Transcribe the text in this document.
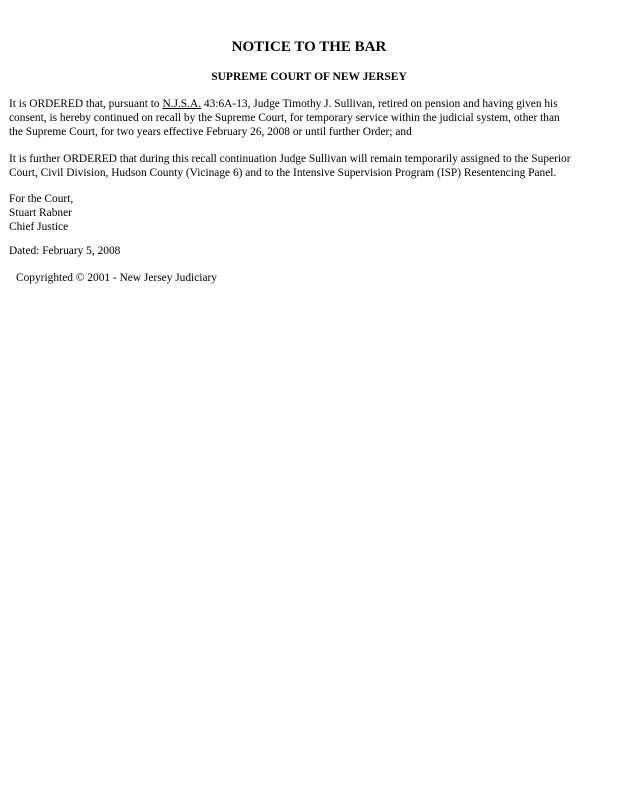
NOTICE TO THE BAR
SUPREME COURT OF NEW JERSEY
It is ORDERED that, pursuant to N.J.S.A. 43:6A-13, Judge Timothy J. Sullivan, retired on pension and having given his
consent, is hereby continued on recall by the Supreme Court, for temporary service within the judicial system, other than
the Supreme Court, for two years effective February 26, 2008 or until further Order; and
It is further ORDERED that during this recall continuation Judge Sullivan will remain temporarily assigned to the Superior
Court, Civil Division, Hudson County (Vicinage 6) and to the Intensive Supervision Program (ISP) Resentencing Panel.
For the Court,
Stuart Rabner
Chief Justice
Dated: February 5, 2008
Copyrighted © 2001 - New Jersey Judiciary
